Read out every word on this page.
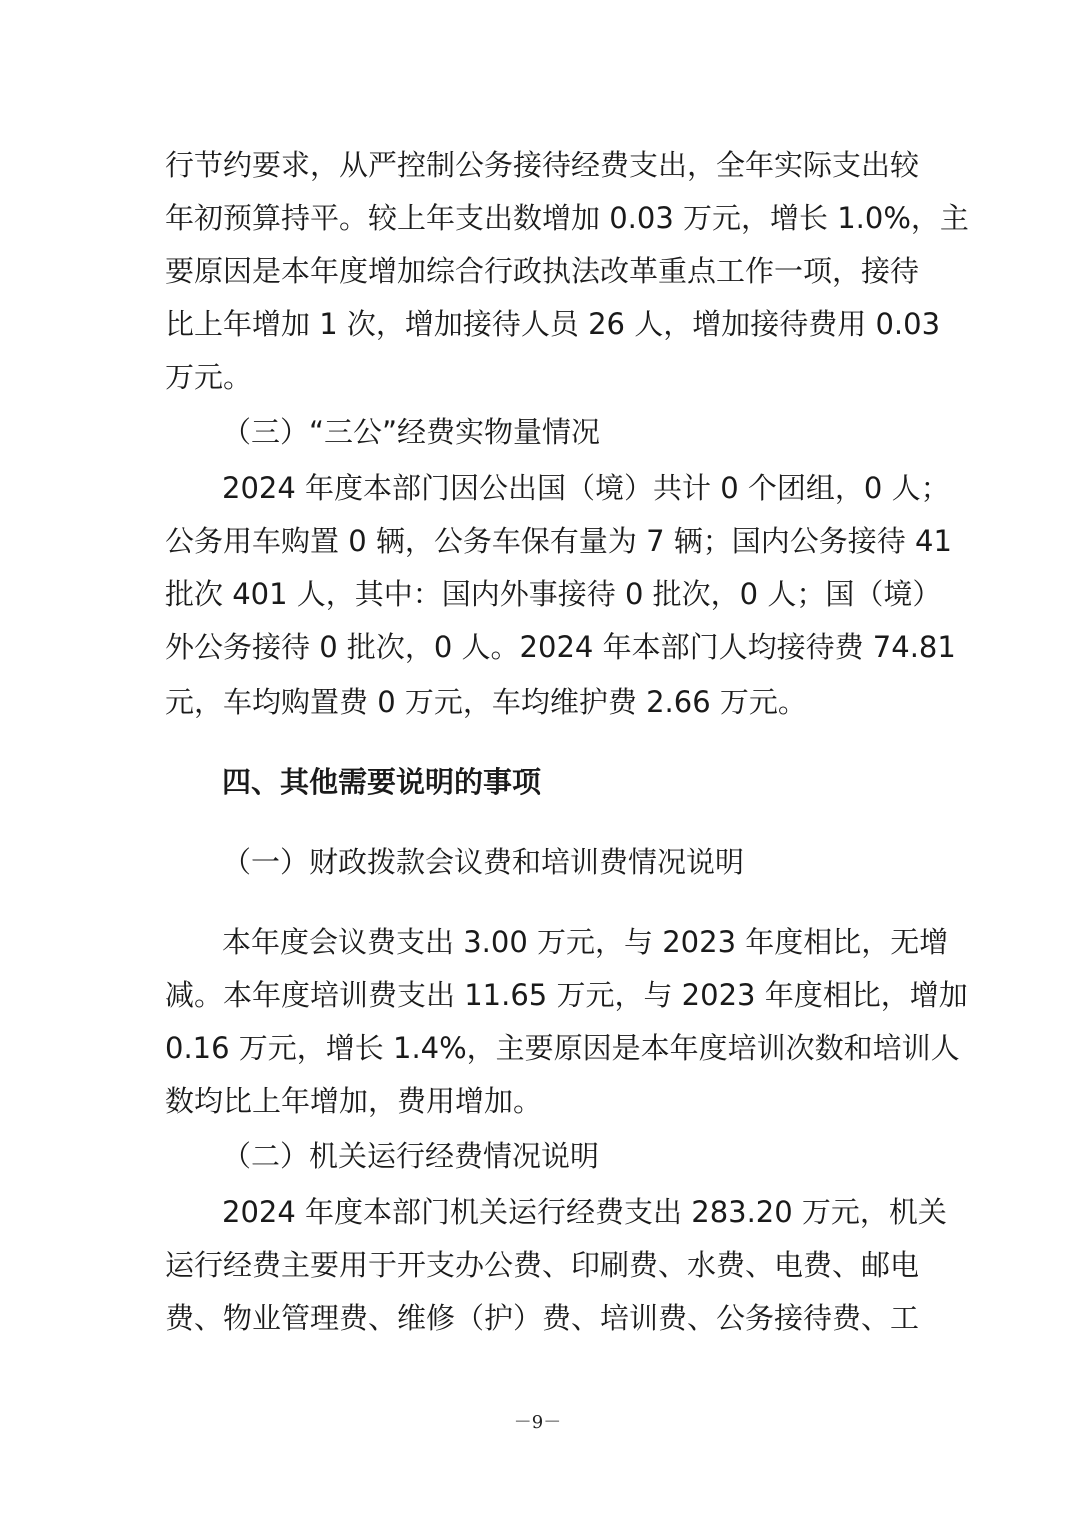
行节约要求，从严控制公务接待经费支出，全年实际支出较
年初预算持平。较上年支出数增加 0.03 万元，增长 1.0%，主
要原因是本年度增加综合行政执法改革重点工作一项，接待
比上年增加 1 次，增加接待人员 26 人，增加接待费用 0.03
万元。
（三）“三公”经费实物量情况
2024 年度本部门因公出国（境）共计 0 个团组，0 人；
公务用车购置 0 辆，公务车保有量为 7 辆；国内公务接待 41
批次 401 人，其中：国内外事接待 0 批次，0 人；国（境）
外公务接待 0 批次，0 人。2024 年本部门人均接待费 74.81
元，车均购置费 0 万元，车均维护费 2.66 万元。
四、其他需要说明的事项
（一）财政拨款会议费和培训费情况说明
本年度会议费支出 3.00 万元，与 2023 年度相比，无增
减。本年度培训费支出 11.65 万元，与 2023 年度相比，增加
0.16 万元，增长 1.4%，主要原因是本年度培训次数和培训人
数均比上年增加，费用增加。
（二）机关运行经费情况说明
2024 年度本部门机关运行经费支出 283.20 万元，机关
运行经费主要用于开支办公费、印刷费、水费、电费、邮电
费、物业管理费、维修（护）费、培训费、公务接待费、工
－9－
